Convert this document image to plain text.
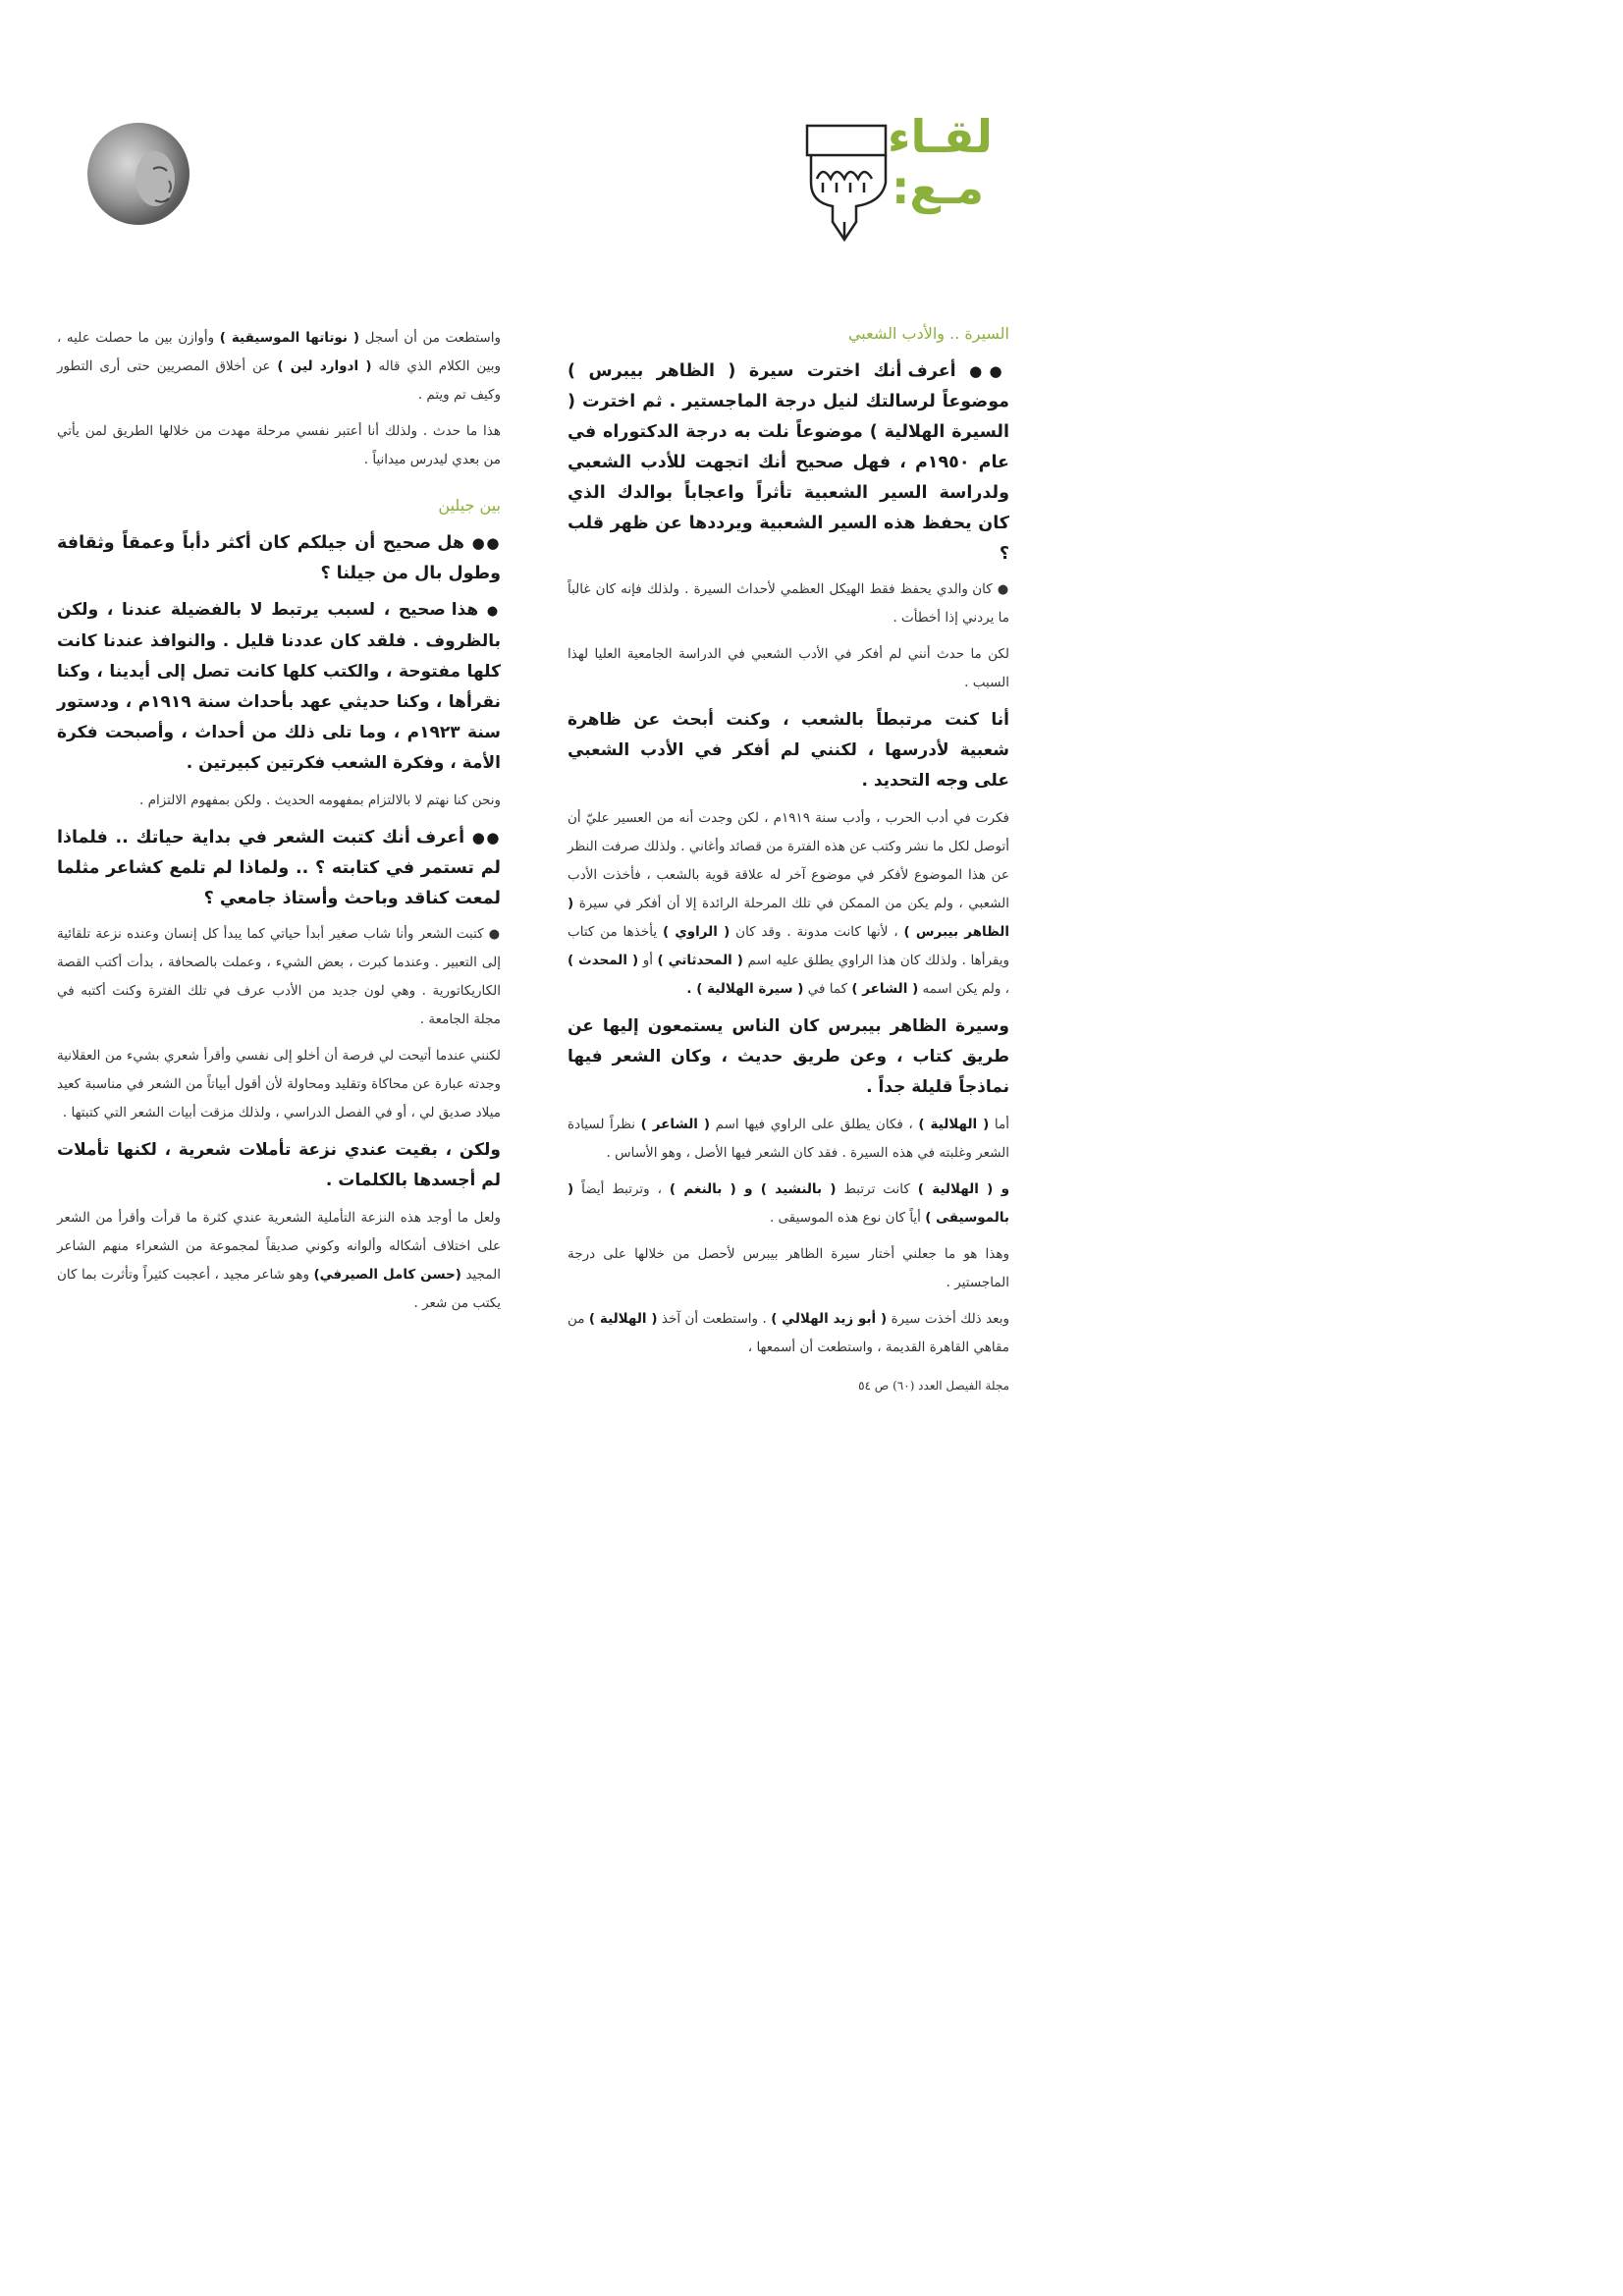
لقـاء
مـع:
السيرة .. والأدب الشعبي

●● أعرف أنك اخترت سيرة ( الظاهر بيبرس ) موضوعاً لرسالتك لنيل درجة الماجستير . ثم اخترت ( السيرة الهلالية ) موضوعاً نلت به درجة الدكتوراه في عام ١٩٥٠م ، فهل صحيح أنك اتجهت للأدب الشعبي ولدراسة السير الشعبية تأثراً واعجاباً بوالدك الذي كان يحفظ هذه السير الشعبية ويرددها عن ظهر قلب ؟

● كان والدي يحفظ فقط الهيكل العظمي لأحداث السيرة . ولذلك فإنه كان غالباً ما يردني إذا أخطأت .

لكن ما حدث أنني لم أفكر في الأدب الشعبي في الدراسة الجامعية العليا لهذا السبب .

أنا كنت مرتبطاً بالشعب ، وكنت أبحث عن ظاهرة شعبية لأدرسها ، لكنني لم أفكر في الأدب الشعبي على وجه التحديد .

فكرت في أدب الحرب ، وأدب سنة ١٩١٩م ، لكن وجدت أنه من العسير عليّ أن أتوصل لكل ما نشر وكتب عن هذه الفترة من قصائد وأغاني . ولذلك صرفت النظر عن هذا الموضوع لأفكر في موضوع آخر له علاقة قوية بالشعب ، فأخذت الأدب الشعبي ، ولم يكن من الممكن في تلك المرحلة الرائدة إلا أن أفكر في سيرة ( الظاهر بيبرس ) ، لأنها كانت مدونة . وقد كان ( الراوي ) يأخذها من كتاب ويقرأها . ولذلك كان هذا الراوي يطلق عليه اسم ( المحدثاتي ) أو ( المحدث ) ، ولم يكن اسمه ( الشاعر ) كما في ( سيرة الهلالية ) .

وسيرة الظاهر بيبرس كان الناس يستمعون إليها عن طريق كتاب ، وعن طريق حديث ، وكان الشعر فيها نماذجاً قليلة جداً .

أما ( الهلالية ) ، فكان يطلق على الراوي فيها اسم ( الشاعر ) نظراً لسيادة الشعر وغلبته في هذه السيرة . فقد كان الشعر فيها الأصل ، وهو الأساس .

و ( الهلالية ) كانت ترتبط ( بالنشيد ) و ( بالنغم ) ، وترتبط أيضاً ( بالموسيقى ) أياً كان نوع هذه الموسيقى .

وهذا هو ما جعلني أختار سيرة الظاهر بيبرس لأحصل من خلالها على درجة الماجستير .

وبعد ذلك أخذت سيرة ( أبو زيد الهلالي ) . واستطعت أن آخذ ( الهلالية ) من مقاهي القاهرة القديمة ، واستطعت أن أسمعها ،

واستطعت من أن أسجل ( نوتاتها الموسيقية ) وأوازن بين ما حصلت عليه ، وبين الكلام الذي قاله ( ادوارد لين ) عن أخلاق المصريين حتى أرى التطور وكيف تم ويتم .

هذا ما حدث . ولذلك أنا أعتبر نفسي مرحلة مهدت من خلالها الطريق لمن يأتي من بعدي ليدرس ميدانياً .

بين جيلين

●● هل صحيح أن جيلكم كان أكثر دأباً وعمقاً وثقافة وطول بال من جيلنا ؟

● هذا صحيح ، لسبب يرتبط لا بالفضيلة عندنا ، ولكن بالظروف . فلقد كان عددنا قليل . والنوافذ عندنا كانت كلها مفتوحة ، والكتب كلها كانت تصل إلى أيدينا ، وكنا نقرأها ، وكنا حديثي عهد بأحداث سنة ١٩١٩م ، ودستور سنة ١٩٢٣م ، وما تلى ذلك من أحداث ، وأصبحت فكرة الأمة ، وفكرة الشعب فكرتين كبيرتين .

ونحن كنا نهتم لا بالالتزام بمفهومه الحديث . ولكن بمفهوم الالتزام .

●● أعرف أنك كتبت الشعر في بداية حياتك .. فلماذا لم تستمر في كتابته ؟ .. ولماذا لم تلمع كشاعر مثلما لمعت كناقد وباحث وأستاذ جامعي ؟

● كتبت الشعر وأنا شاب صغير أبدأ حياتي كما يبدأ كل إنسان وعنده نزعة تلقائية إلى التعبير . وعندما كبرت ، بعض الشيء ، وعملت بالصحافة ، بدأت أكتب القصة الكاريكاتورية . وهي لون جديد من الأدب عرف في تلك الفترة وكنت أكتبه في مجلة الجامعة .

لكنني عندما أتيحت لي فرصة أن أخلو إلى نفسي وأقرأ شعري بشيء من العقلانية وجدته عبارة عن محاكاة وتقليد ومحاولة لأن أقول أبياتاً من الشعر في مناسبة كعيد ميلاد صديق لي ، أو في الفصل الدراسي ، ولذلك مزقت أبيات الشعر التي كتبتها .

ولكن ، بقيت عندي نزعة تأملات شعرية ، لكنها تأملات لم أجسدها بالكلمات .

ولعل ما أوجد هذه النزعة التأملية الشعرية عندي كثرة ما قرأت وأقرأ من الشعر على اختلاف أشكاله وألوانه وكوني صديقاً لمجموعة من الشعراء منهم الشاعر المجيد (حسن كامل الصيرفي) وهو شاعر مجيد ، أعجبت كثيراً وتأثرت بما كان يكتب من شعر .

مجلة الفيصل العدد (٦٠) ص ٥٤
